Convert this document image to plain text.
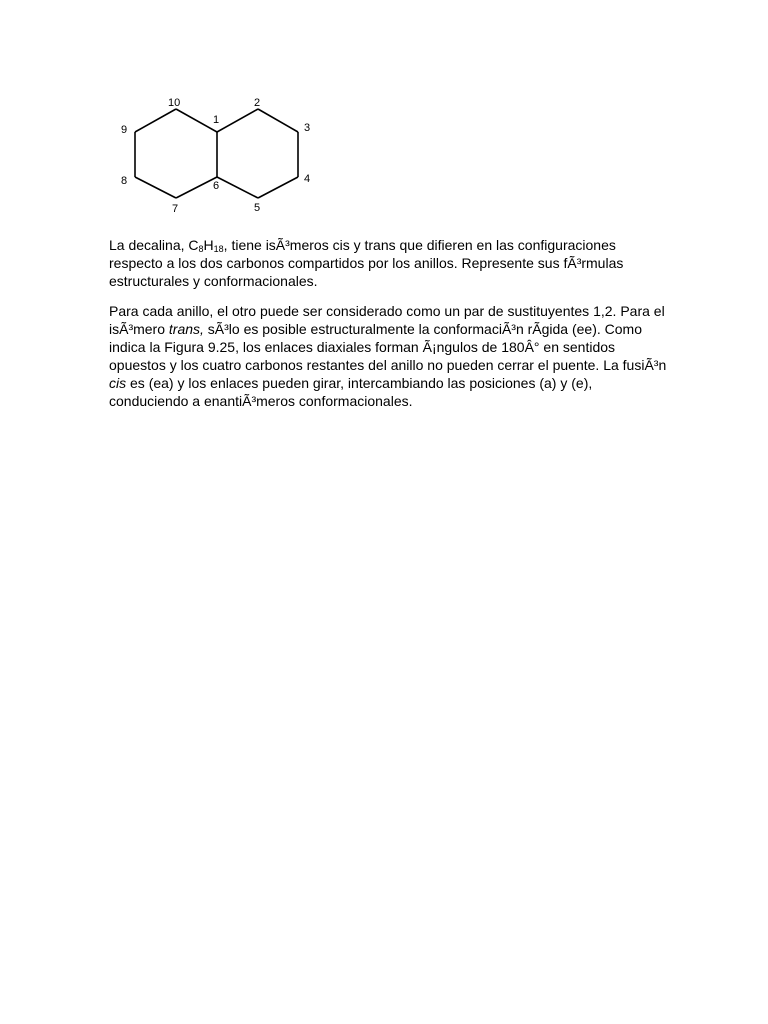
1
2
3
4
5
6
7
8
9
10

La decalina, $C_8H_{18}$, tiene isÃ³meros cis y trans que difieren en las configuraciones respecto a los dos carbonos compartidos por los anillos. Represente sus fÃ³rmulas estructurales y conformacionales.

Para cada anillo, el otro puede ser considerado como un par de sustituyentes 1,2. Para el isÃ³mero trans, sÃ³lo es posible estructuralmente la conformaciÃ³n rÃgida (ee). Como indica la Figura 9.25, los enlaces diaxiales forman Ã¡ngulos de 180Â° en sentidos opuestos y los cuatro carbonos restantes del anillo no pueden cerrar el puente. La fusiÃ³n cis es (ea) y los enlaces pueden girar, intercambiando las posiciones (a) y (e), conduciendo a enantiÃ³meros conformacionales.
